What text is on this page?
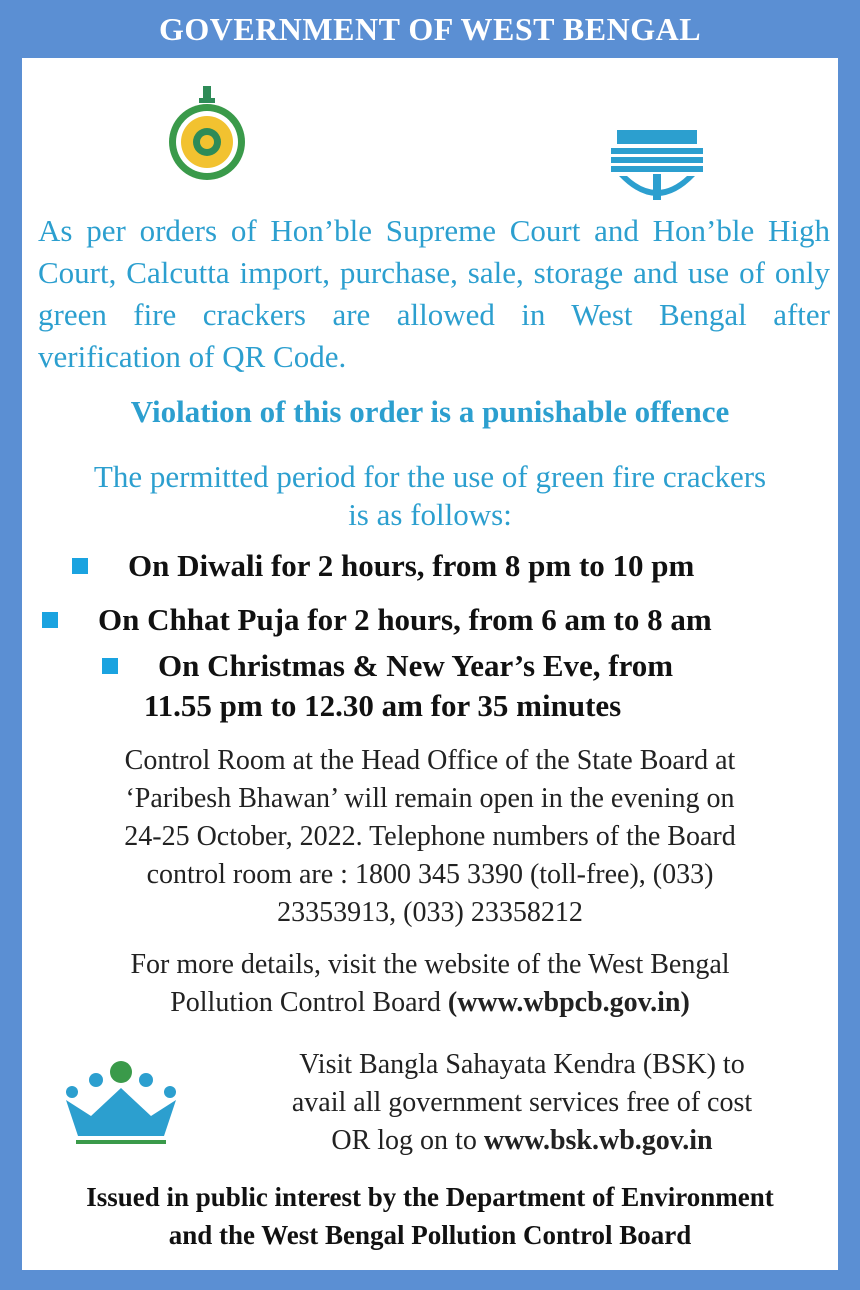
GOVERNMENT OF WEST BENGAL
As per orders of Hon’ble Supreme Court and Hon’ble High Court, Calcutta import, purchase, sale, storage and use of only green fire crackers are allowed in West Bengal after verification of QR Code.
Violation of this order is a punishable offence
The permitted period for the use of green fire crackers
is as follows:
On Diwali for 2 hours, from 8 pm to 10 pm
On Chhat Puja for 2 hours, from 6 am to 8 am
On Christmas & New Year’s Eve, from
11.55 pm to 12.30 am for 35 minutes
Control Room at the Head Office of the State Board at
‘Paribesh Bhawan’ will remain open in the evening on
24-25 October, 2022. Telephone numbers of the Board
control room are : 1800 345 3390 (toll-free), (033)
23353913, (033) 23358212
For more details, visit the website of the West Bengal
Pollution Control Board (www.wbpcb.gov.in)
Visit Bangla Sahayata Kendra (BSK) to
avail all government services free of cost
OR log on to www.bsk.wb.gov.in
Issued in public interest by the Department of Environment
and the West Bengal Pollution Control Board
